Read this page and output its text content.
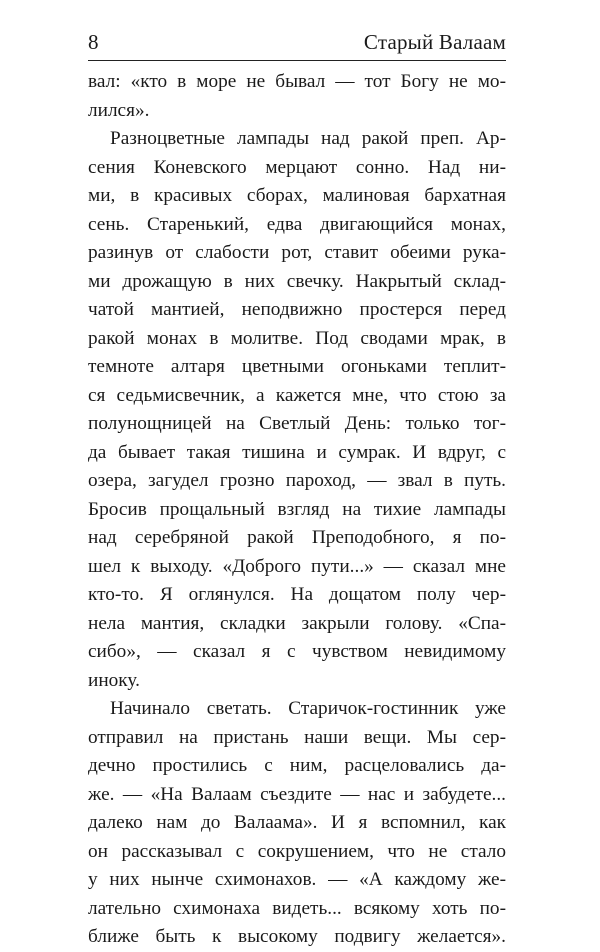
8	Старый Валаам
вал: «кто в море не бывал — тот Богу не мо-
лился».
Разноцветные лампады над ракой преп. Ар-
сения Коневского мерцают сонно. Над ни-
ми, в красивых сборах, малиновая бархатная
сень. Старенький, едва двигающийся монах,
разинув от слабости рот, ставит обеими рука-
ми дрожащую в них свечку. Накрытый склад-
чатой мантией, неподвижно простерся перед
ракой монах в молитве. Под сводами мрак, в
темноте алтаря цветными огоньками теплит-
ся седьмисвечник, а кажется мне, что стою за
полунощницей на Светлый День: только тог-
да бывает такая тишина и сумрак. И вдруг, с
озера, загудел грозно пароход, — звал в путь.
Бросив прощальный взгляд на тихие лампады
над серебряной ракой Преподобного, я по-
шел к выходу. «Доброго пути...» — сказал мне
кто-то. Я оглянулся. На дощатом полу чер-
нела мантия, складки закрыли голову. «Спа-
сибо», — сказал я с чувством невидимому
иноку.
Начинало светать. Старичок-гостинник уже
отправил на пристань наши вещи. Мы сер-
дечно простились с ним, расцеловались да-
же. — «На Валаам съездите — нас и забудете...
далеко нам до Валаама». И я вспомнил, как
он рассказывал с сокрушением, что не стало
у них нынче схимонахов. — «А каждому же-
лательно схимонаха видеть... всякому хоть по-
ближе быть к высокому подвигу желается».
